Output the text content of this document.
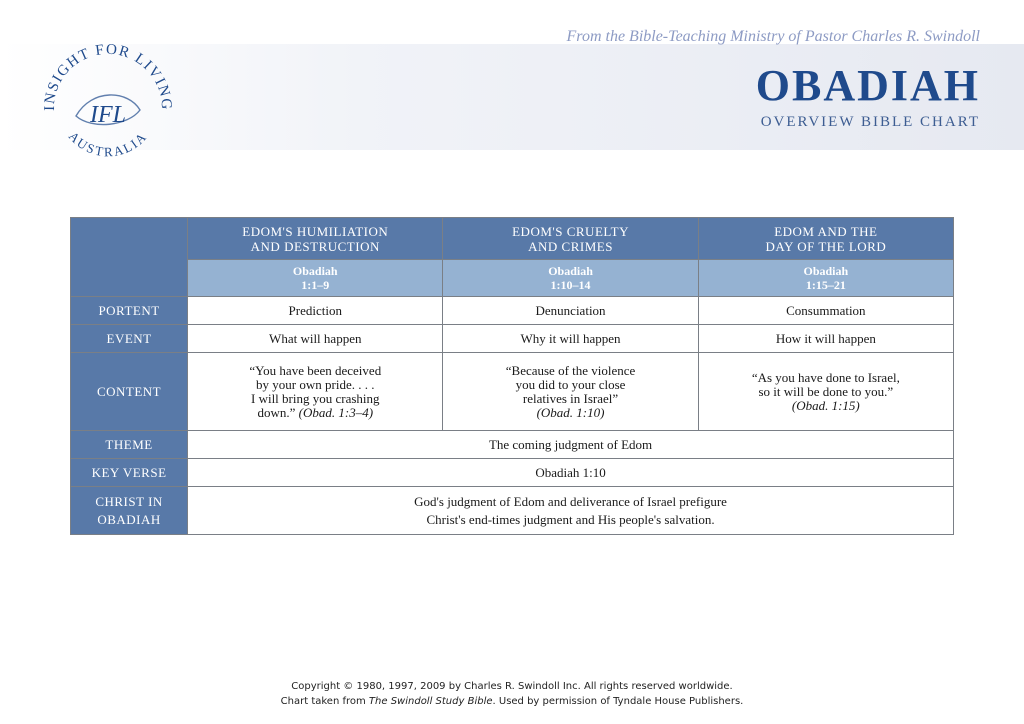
INSIGHT FOR LIVING
AUSTRALIA
IFL
From the Bible-Teaching Ministry of Pastor Charles R. Swindoll
OBADIAH
OVERVIEW BIBLE CHART
	EDOM'S HUMILIATION
AND DESTRUCTION	EDOM'S CRUELTY
AND CRIMES	EDOM AND THE
DAY OF THE LORD
	Obadiah
1:1–9	Obadiah
1:10–14	Obadiah
1:15–21
PORTENT	Prediction	Denunciation	Consummation
EVENT	What will happen	Why it will happen	How it will happen
CONTENT	“You have been deceived
by your own pride. . . .
I will bring you crashing
down.” (Obad. 1:3–4)	“Because of the violence
you did to your close
relatives in Israel”
(Obad. 1:10)	“As you have done to Israel,
so it will be done to you.”
(Obad. 1:15)
THEME	The coming judgment of Edom		
KEY VERSE	Obadiah 1:10		
CHRIST IN
OBADIAH	God's judgment of Edom and deliverance of Israel prefigure
Christ's end-times judgment and His people's salvation.		
Copyright © 1980, 1997, 2009 by Charles R. Swindoll Inc. All rights reserved worldwide.
Chart taken from The Swindoll Study Bible. Used by permission of Tyndale House Publishers.
